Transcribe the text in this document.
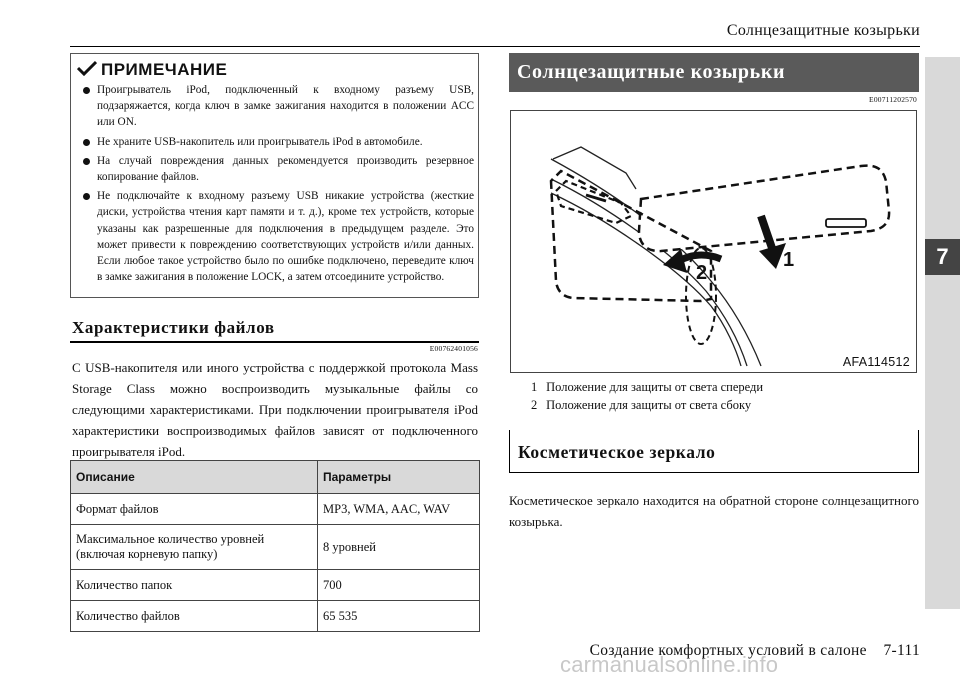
Солнцезащитные козырьки
7
ПРИМЕЧАНИЕ
Проигрыватель iPod, подключенный к входному разъему USB, подзаряжается, когда ключ в замке зажигания находится в положении ACC или ON.
Не храните USB-накопитель или проигрыватель iPod в автомобиле.
На случай повреждения данных рекомендуется производить резервное копирование файлов.
Не подключайте к входному разъему USB никакие устройства (жесткие диски, устройства чтения карт памяти и т. д.), кроме тех устройств, которые указаны как разрешенные для подключения в предыдущем разделе. Это может привести к повреждению соответствующих устройств и/или данных. Если любое такое устройство было по ошибке подключено, переведите ключ в замке зажигания в положение LOCK, а затем отсоедините устройство.
Характеристики файлов
E00762401056

С USB-накопителя или иного устройства с поддержкой протокола Mass Storage Class можно воспроизводить музыкальные файлы со следующими характеристиками. При подключении проигрывателя iPod характеристики воспроизводимых файлов зависят от подключенного проигрывателя iPod.

Описание	Параметры
Формат файлов	MP3, WMA, AAC, WAV
Максимальное количество уровней (включая корневую папку)	8 уровней
Количество папок	700
Количество файлов	65 535
Солнцезащитные козырьки
E00711202570
1
2
AFA114512
1 Положение для защиты от света спереди
2 Положение для защиты от света сбоку
Косметическое зеркало

Косметическое зеркало находится на обратной стороне солнцезащитного козырька.

carmanualsonline.info
Создание комфортных условий в салоне    7-111
